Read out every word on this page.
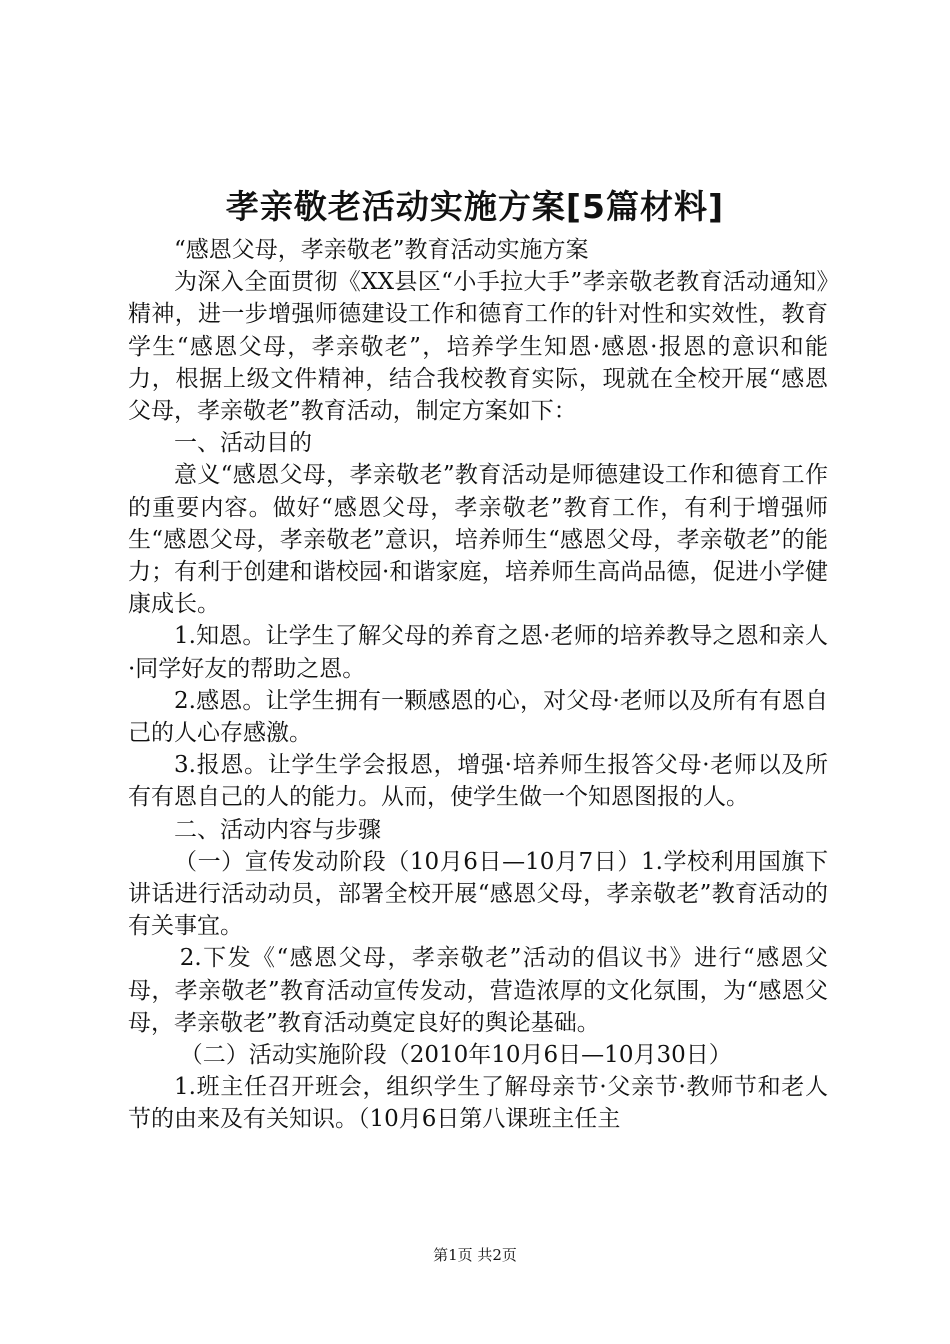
孝亲敬老活动实施方案[5篇材料]

“感恩父母，孝亲敬老”教育活动实施方案

为深入全面贯彻《XX县区“小手拉大手”孝亲敬老教育活动通知》精神，进一步增强师德建设工作和德育工作的针对性和实效性，教育学生“感恩父母，孝亲敬老”，培养学生知恩·感恩·报恩的意识和能力，根据上级文件精神，结合我校教育实际，现就在全校开展“感恩父母，孝亲敬老”教育活动，制定方案如下：

一、活动目的

意义“感恩父母，孝亲敬老”教育活动是师德建设工作和德育工作的重要内容。做好“感恩父母，孝亲敬老”教育工作，有利于增强师生“感恩父母，孝亲敬老”意识，培养师生“感恩父母，孝亲敬老”的能力；有利于创建和谐校园·和谐家庭，培养师生高尚品德，促进小学健康成长。

1.知恩。让学生了解父母的养育之恩·老师的培养教导之恩和亲人·同学好友的帮助之恩。

2.感恩。让学生拥有一颗感恩的心，对父母·老师以及所有有恩自己的人心存感激。

3.报恩。让学生学会报恩，增强·培养师生报答父母·老师以及所有有恩自己的人的能力。从而，使学生做一个知恩图报的人。

二、活动内容与步骤

（一）宣传发动阶段（10月6日—10月7日）1.学校利用国旗下讲话进行活动动员，部署全校开展“感恩父母，孝亲敬老”教育活动的有关事宜。

2.下发《“感恩父母，孝亲敬老”活动的倡议书》进行“感恩父母，孝亲敬老”教育活动宣传发动，营造浓厚的文化氛围，为“感恩父母，孝亲敬老”教育活动奠定良好的舆论基础。

（二）活动实施阶段（2010年10月6日—10月30日）

1.班主任召开班会，组织学生了解母亲节·父亲节·教师节和老人节的由来及有关知识。（10月6日第八课班主任主

第1页 共2页
